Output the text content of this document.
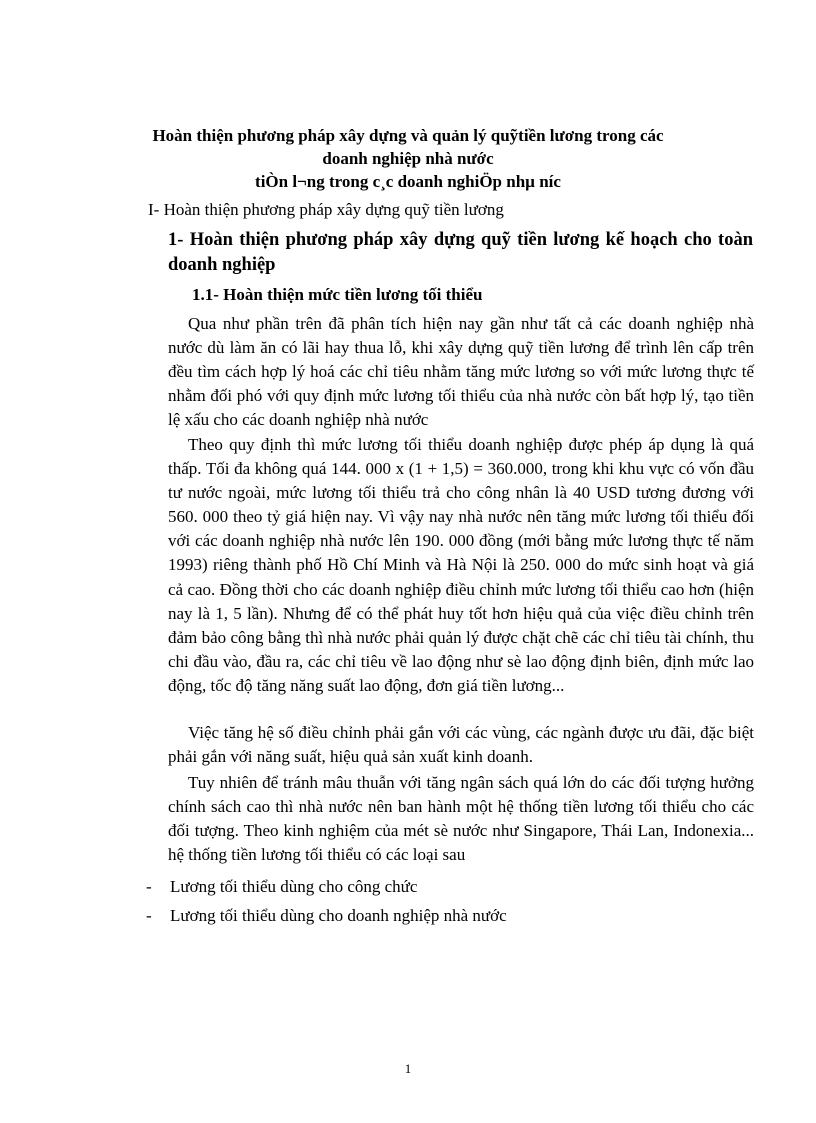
Hoàn thiện phương pháp xây dựng và quản lý quỹtiền lương trong các
doanh nghiệp nhà nước
tiÒn l¬ng trong c¸c doanh nghiÖp nhµ níc
I- Hoàn thiện phương pháp xây dựng quỹ tiền lương
1- Hoàn thiện phương pháp xây dựng quỹ tiền lương kế hoạch cho toàn doanh nghiệp
1.1- Hoàn thiện mức tiền lương tối thiểu

Qua như phần trên đã phân tích hiện nay gần như tất cả các doanh nghiệp nhà nước dù làm ăn có lãi hay thua lỗ, khi xây dựng quỹ tiền lương để trình lên cấp trên đều tìm cách hợp lý hoá các chỉ tiêu nhằm tăng mức lương so với mức lương thực tế nhằm đối phó với quy định mức lương tối thiểu của nhà nước còn bất hợp lý, tạo tiền lệ xấu cho các doanh nghiệp nhà nước

Theo quy định thì mức lương tối thiểu doanh nghiệp được phép áp dụng là quá thấp. Tối đa không quá 144. 000 x (1 + 1,5) = 360.000, trong khi khu vực có vốn đầu tư nước ngoài, mức lương tối thiểu trả cho công nhân là 40 USD tương đương với 560. 000 theo tỷ giá hiện nay. Vì vậy nay nhà nước nên tăng mức lương tối thiểu đối với các doanh nghiệp nhà nước lên 190. 000 đồng (mới bằng mức lương thực tế năm 1993) riêng thành phố Hồ Chí Minh và Hà Nội là 250. 000 do mức sinh hoạt và giá cả cao. Đồng thời cho các doanh nghiệp điều chỉnh mức lương tối thiểu cao hơn (hiện nay là 1, 5 lần). Nhưng để có thể phát huy tốt hơn hiệu quả của việc điều chỉnh trên đảm bảo công bằng thì nhà nước phải quản lý được chặt chẽ các chỉ tiêu tài chính, thu chi đầu vào, đầu ra, các chỉ tiêu về lao động như sè lao động định biên, định mức lao động, tốc độ tăng năng suất lao động, đơn giá tiền lương...

Việc tăng hệ số điều chỉnh phải gắn với các vùng, các ngành được ưu đãi, đặc biệt phải gắn với năng suất, hiệu quả sản xuất kinh doanh.

Tuy nhiên để tránh mâu thuẫn với tăng ngân sách quá lớn do các đối tượng hưởng chính sách cao thì nhà nước nên ban hành một hệ thống tiền lương tối thiểu cho các đối tượng. Theo kinh nghiệm của mét sè nước như Singapore, Thái Lan, Indonexia... hệ thống tiền lương tối thiểu có các loại sau

- Lương tối thiểu dùng cho công chức
- Lương tối thiểu dùng cho doanh nghiệp nhà nước
1
